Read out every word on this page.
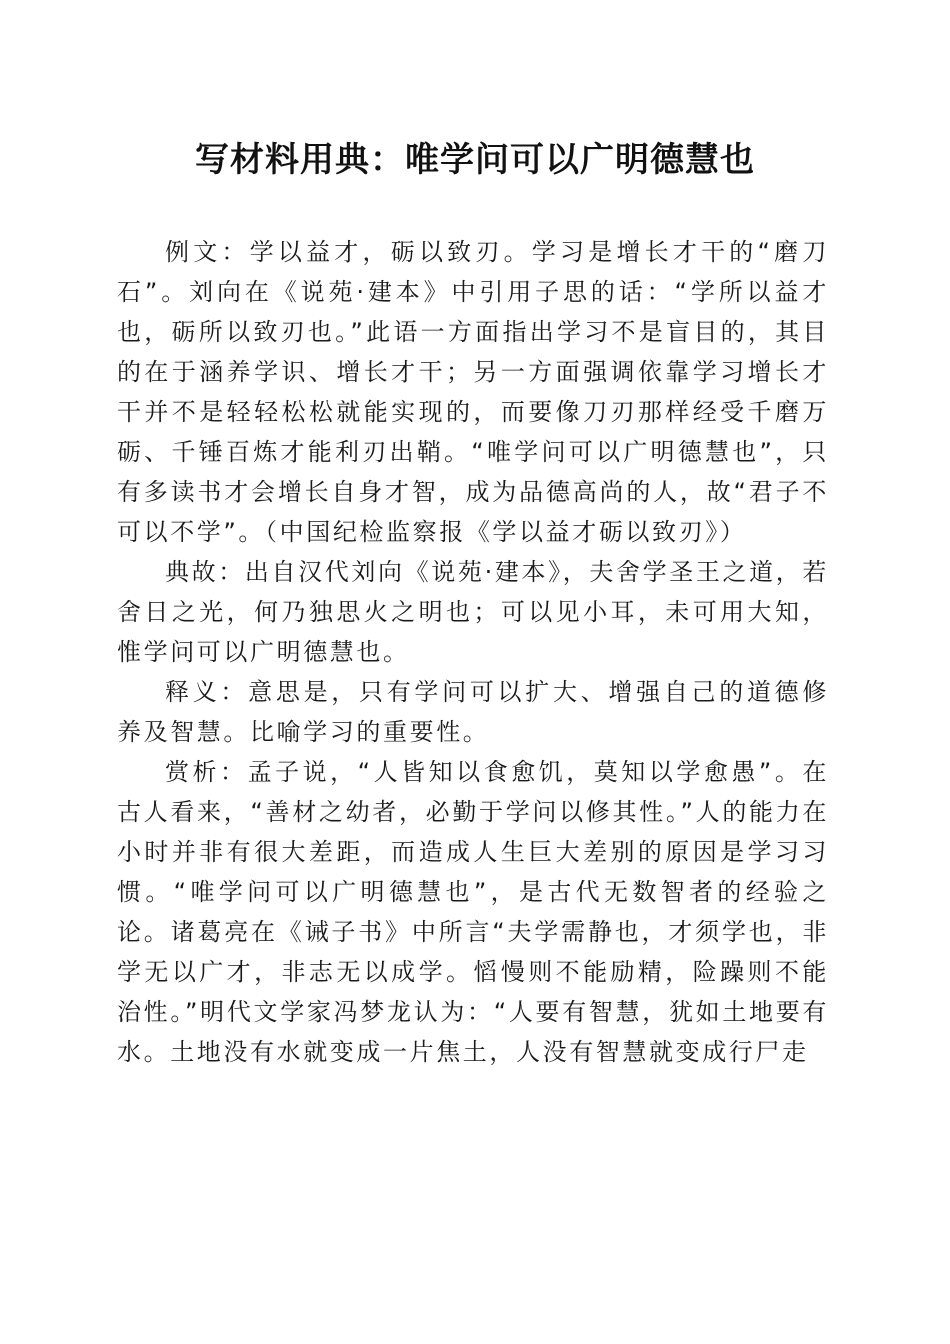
写材料用典：唯学问可以广明德慧也

例文：学以益才，砺以致刃。学习是增长才干的“磨刀石”。刘向在《说苑·建本》中引用子思的话：“学所以益才也，砺所以致刃也。”此语一方面指出学习不是盲目的，其目的在于涵养学识、增长才干；另一方面强调依靠学习增长才干并不是轻轻松松就能实现的，而要像刀刃那样经受千磨万砺、千锤百炼才能利刃出鞘。“唯学问可以广明德慧也”，只有多读书才会增长自身才智，成为品德高尚的人，故“君子不可以不学”。（中国纪检监察报《学以益才砺以致刃》）

典故：出自汉代刘向《说苑·建本》，夫舍学圣王之道，若舍日之光，何乃独思火之明也；可以见小耳，未可用大知，惟学问可以广明德慧也。

释义：意思是，只有学问可以扩大、增强自己的道德修养及智慧。比喻学习的重要性。

赏析：孟子说，“人皆知以食愈饥，莫知以学愈愚”。在古人看来，“善材之幼者，必勤于学问以修其性。”人的能力在小时并非有很大差距，而造成人生巨大差别的原因是学习习惯。“唯学问可以广明德慧也”，是古代无数智者的经验之论。诸葛亮在《诫子书》中所言“夫学需静也，才须学也，非学无以广才，非志无以成学。慆慢则不能励精，险躁则不能治性。”明代文学家冯梦龙认为：“人要有智慧，犹如土地要有水。土地没有水就变成一片焦土，人没有智慧就变成行尸走
